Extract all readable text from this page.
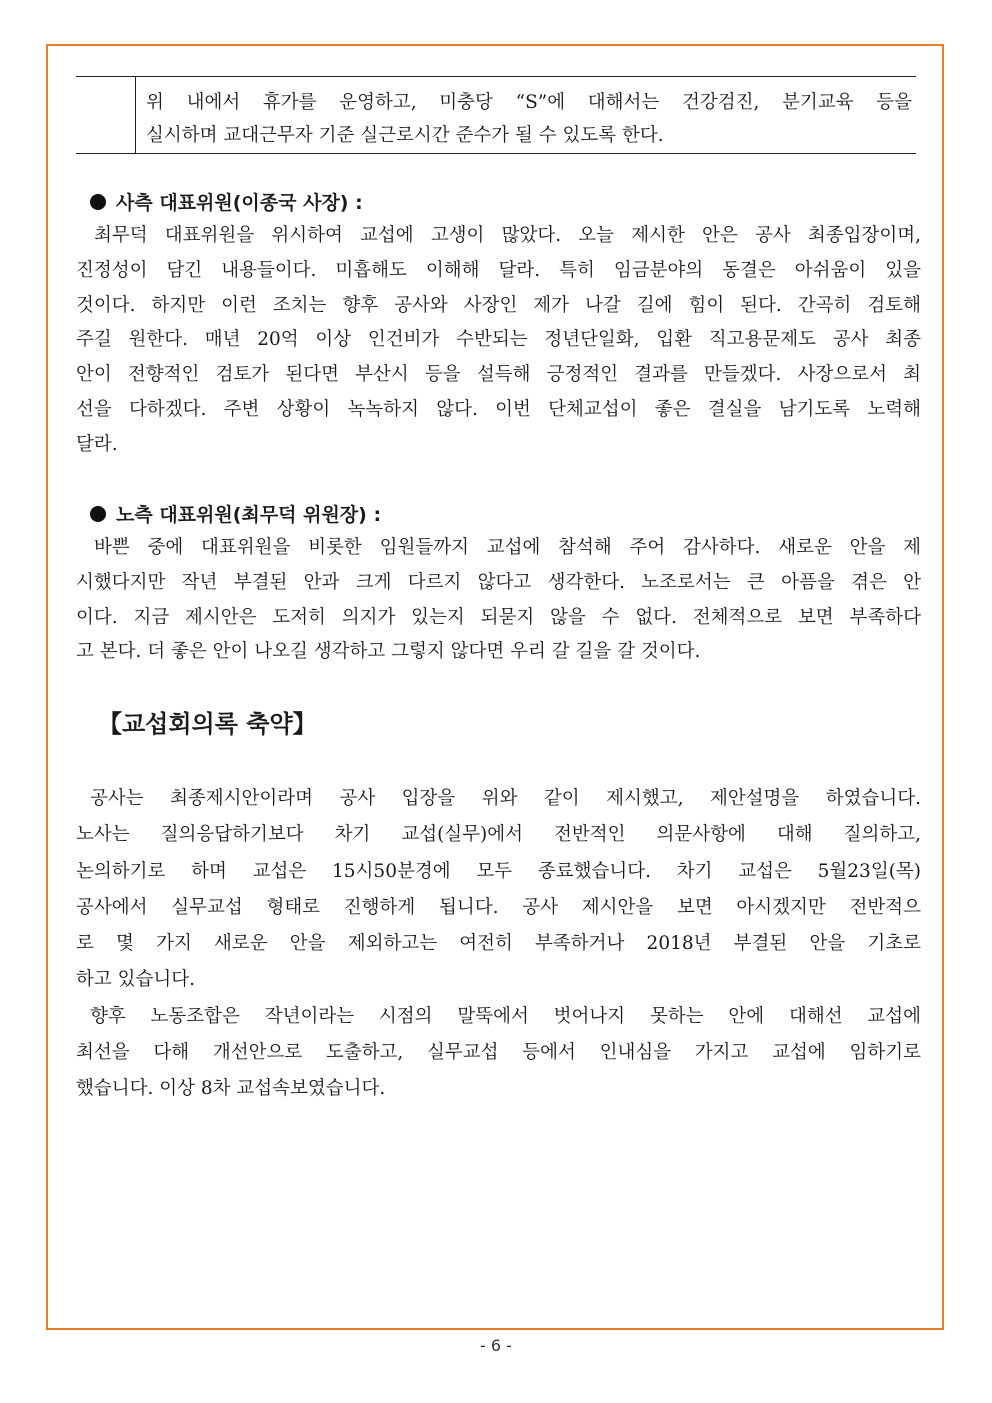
위 내에서 휴가를 운영하고, 미충당 “S”에 대해서는 건강검진, 분기교육 등을
실시하며 교대근무자 기준 실근로시간 준수가 될 수 있도록 한다.
사측 대표위원(이종국 사장) :
최무덕 대표위원을 위시하여 교섭에 고생이 많았다. 오늘 제시한 안은 공사 최종입장이며,
진정성이 담긴 내용들이다. 미흡해도 이해해 달라. 특히 임금분야의 동결은 아쉬움이 있을
것이다. 하지만 이런 조치는 향후 공사와 사장인 제가 나갈 길에 힘이 된다. 간곡히 검토해
주길 원한다. 매년 20억 이상 인건비가 수반되는 정년단일화, 입환 직고용문제도 공사 최종
안이 전향적인 검토가 된다면 부산시 등을 설득해 긍정적인 결과를 만들겠다. 사장으로서 최
선을 다하겠다. 주변 상황이 녹녹하지 않다. 이번 단체교섭이 좋은 결실을 남기도록 노력해
달라.
노측 대표위원(최무덕 위원장) :
바쁜 중에 대표위원을 비롯한 임원들까지 교섭에 참석해 주어 감사하다. 새로운 안을 제
시했다지만 작년 부결된 안과 크게 다르지 않다고 생각한다. 노조로서는 큰 아픔을 겪은 안
이다. 지금 제시안은 도저히 의지가 있는지 되묻지 않을 수 없다. 전체적으로 보면 부족하다
고 본다. 더 좋은 안이 나오길 생각하고 그렇지 않다면 우리 갈 길을 갈 것이다.
【교섭회의록 축약】
공사는 최종제시안이라며 공사 입장을 위와 같이 제시했고, 제안설명을 하였습니다.
노사는 질의응답하기보다 차기 교섭(실무)에서 전반적인 의문사항에 대해 질의하고,
논의하기로 하며 교섭은 15시50분경에 모두 종료했습니다. 차기 교섭은 5월23일(목)
공사에서 실무교섭 형태로 진행하게 됩니다. 공사 제시안을 보면 아시겠지만 전반적으
로 몇 가지 새로운 안을 제외하고는 여전히 부족하거나 2018년 부결된 안을 기초로
하고 있습니다.
향후 노동조합은 작년이라는 시점의 말뚝에서 벗어나지 못하는 안에 대해선 교섭에
최선을 다해 개선안으로 도출하고, 실무교섭 등에서 인내심을 가지고 교섭에 임하기로
했습니다. 이상 8차 교섭속보였습니다.
- 6 -
